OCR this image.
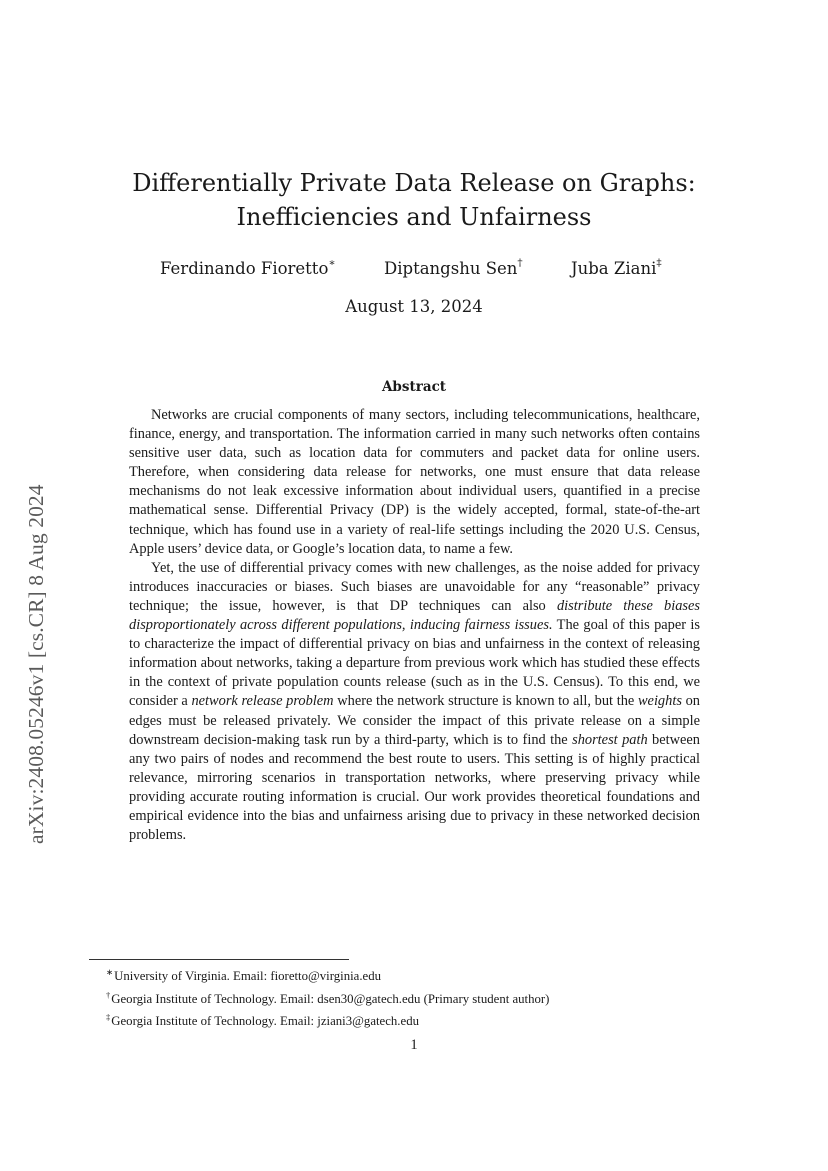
arXiv:2408.05246v1 [cs.CR] 8 Aug 2024
Differentially Private Data Release on Graphs:
Inefficiencies and Unfairness
Ferdinando Fioretto∗	Diptangshu Sen†	Juba Ziani‡
August 13, 2024
Abstract

Networks are crucial components of many sectors, including telecommunications, healthcare, finance, energy, and transportation. The information carried in many such networks often contains sensitive user data, such as location data for commuters and packet data for online users. Therefore, when considering data release for networks, one must ensure that data release mechanisms do not leak excessive information about individual users, quantified in a precise mathematical sense. Differential Privacy (DP) is the widely accepted, formal, state-of-the-art technique, which has found use in a variety of real-life settings including the 2020 U.S. Census, Apple users’ device data, or Google’s location data, to name a few.

Yet, the use of differential privacy comes with new challenges, as the noise added for privacy introduces inaccuracies or biases. Such biases are unavoidable for any “reasonable” privacy technique; the issue, however, is that DP techniques can also distribute these biases disproportionately across different populations, inducing fairness issues. The goal of this paper is to characterize the impact of differential privacy on bias and unfairness in the context of releasing information about networks, taking a departure from previous work which has studied these effects in the context of private population counts release (such as in the U.S. Census). To this end, we consider a network release problem where the network structure is known to all, but the weights on edges must be released privately. We consider the impact of this private release on a simple downstream decision-making task run by a third-party, which is to find the shortest path between any two pairs of nodes and recommend the best route to users. This setting is of highly practical relevance, mirroring scenarios in transportation networks, where preserving privacy while providing accurate routing information is crucial. Our work provides theoretical foundations and empirical evidence into the bias and unfairness arising due to privacy in these networked decision problems.

∗University of Virginia. Email: fioretto@virginia.edu
†Georgia Institute of Technology. Email: dsen30@gatech.edu (Primary student author)
‡Georgia Institute of Technology. Email: jziani3@gatech.edu
1
